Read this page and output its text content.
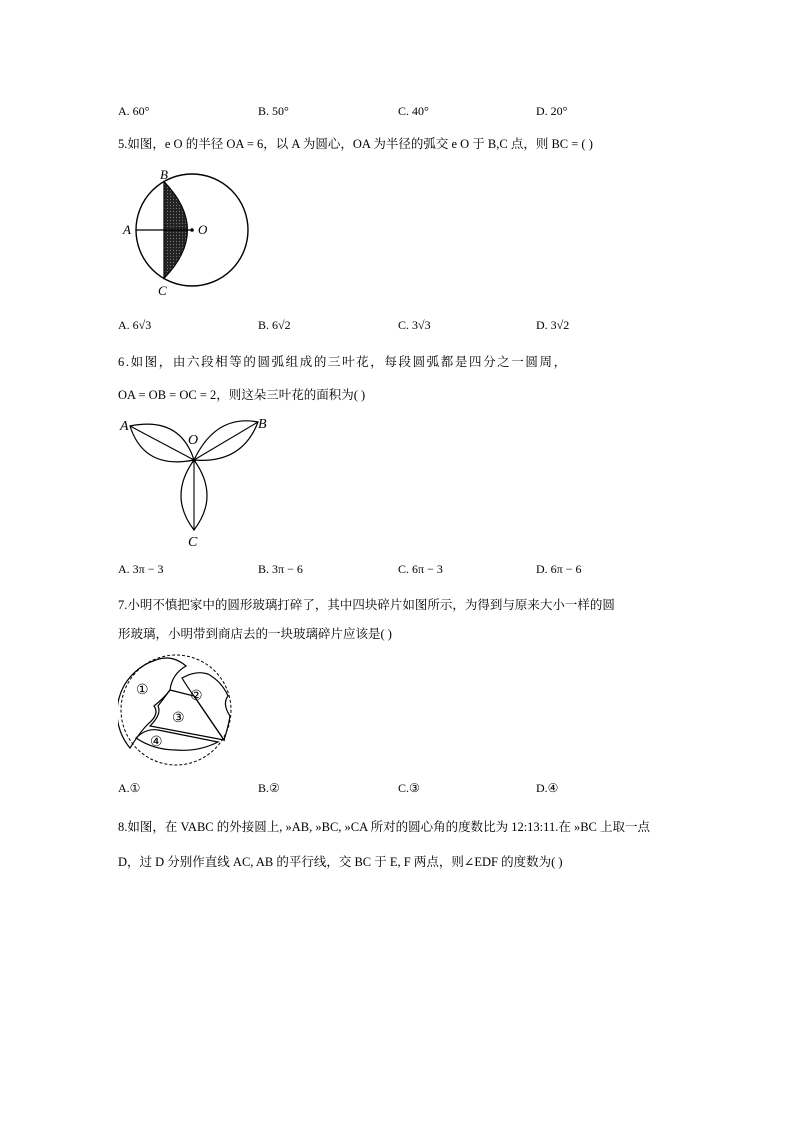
A. 60°	B. 50°	C. 40°	D. 20°
5.如图，e O 的半径 OA = 6，以 A 为圆心，OA 为半径的弧交 e O 于 B,C 点，则 BC = ( )
B
A	O
C
A. 6√3	B. 6√2	C. 3√3	D. 3√2
6.如图，由六段相等的圆弧组成的三叶花，每段圆弧都是四分之一圆周，
OA = OB = OC = 2，则这朵三叶花的面积为( )
A
O
B
C
A. 3π − 3	B. 3π − 6	C. 6π − 3	D. 6π − 6
7.小明不慎把家中的圆形玻璃打碎了，其中四块碎片如图所示，为得到与原来大小一样的圆
形玻璃，小明带到商店去的一块玻璃碎片应该是( )
①	②
③
④
A.①	B.②	C.③	D.④
8.如图，在 VABC 的外接圆上, »AB, »BC, »CA 所对的圆心角的度数比为 12:13:11.在 »BC 上取一点
D，过 D 分别作直线 AC, AB 的平行线，交 BC 于 E, F 两点，则∠EDF 的度数为( )
